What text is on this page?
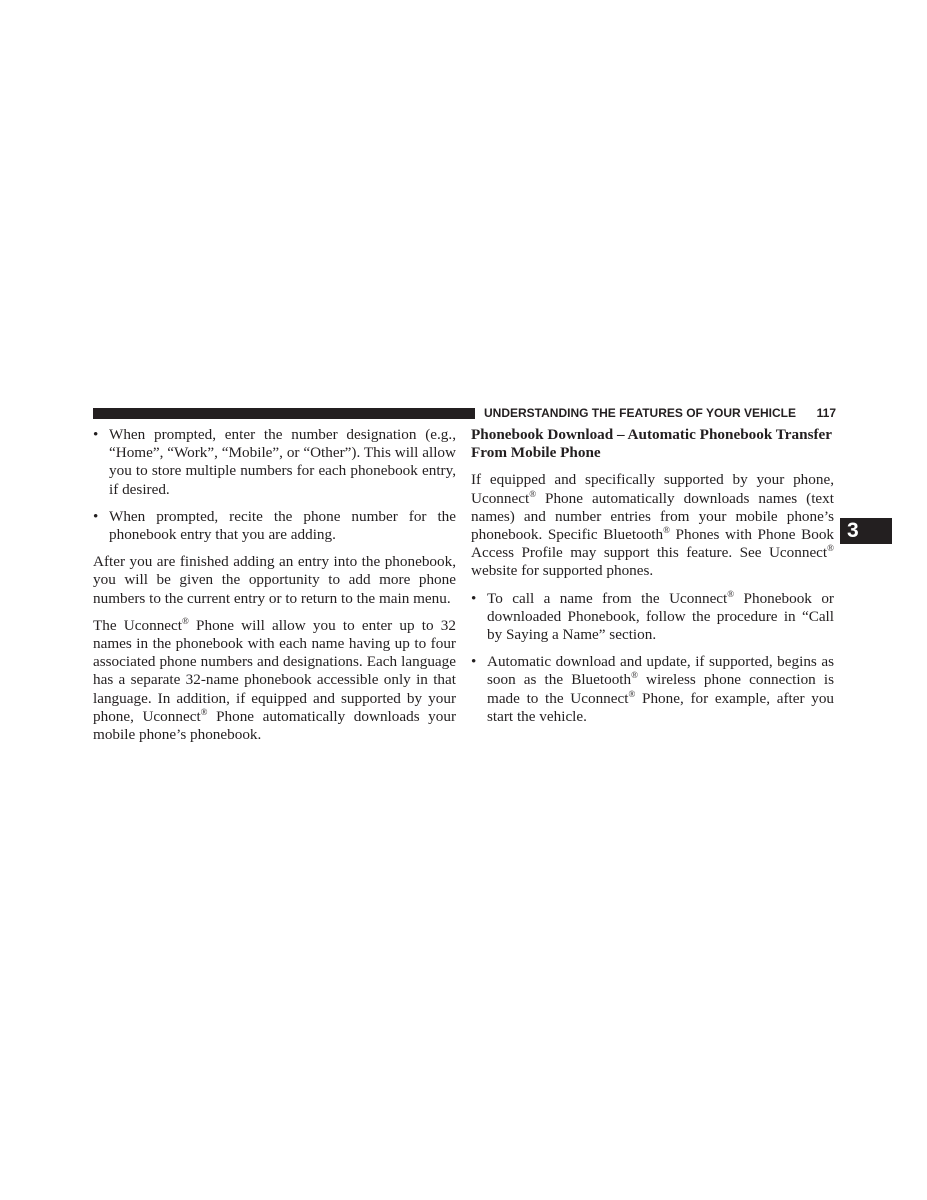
UNDERSTANDING THE FEATURES OF YOUR VEHICLE 117
3
• When prompted, enter the number designation (e.g., “Home”, “Work”, “Mobile”, or “Other”). This will allow you to store multiple numbers for each phonebook entry, if desired.
• When prompted, recite the phone number for the phonebook entry that you are adding.

After you are finished adding an entry into the phonebook, you will be given the opportunity to add more phone numbers to the current entry or to return to the main menu.

The Uconnect® Phone will allow you to enter up to 32 names in the phonebook with each name having up to four associated phone numbers and designations. Each language has a separate 32-name phonebook accessible only in that language. In addition, if equipped and supported by your phone, Uconnect® Phone automatically downloads your mobile phone’s phonebook.

Phonebook Download – Automatic Phonebook Transfer From Mobile Phone

If equipped and specifically supported by your phone, Uconnect® Phone automatically downloads names (text names) and number entries from your mobile phone’s phonebook. Specific Bluetooth® Phones with Phone Book Access Profile may support this feature. See Uconnect® website for supported phones.

• To call a name from the Uconnect® Phonebook or downloaded Phonebook, follow the procedure in “Call by Saying a Name” section.
• Automatic download and update, if supported, begins as soon as the Bluetooth® wireless phone connection is made to the Uconnect® Phone, for example, after you start the vehicle.
